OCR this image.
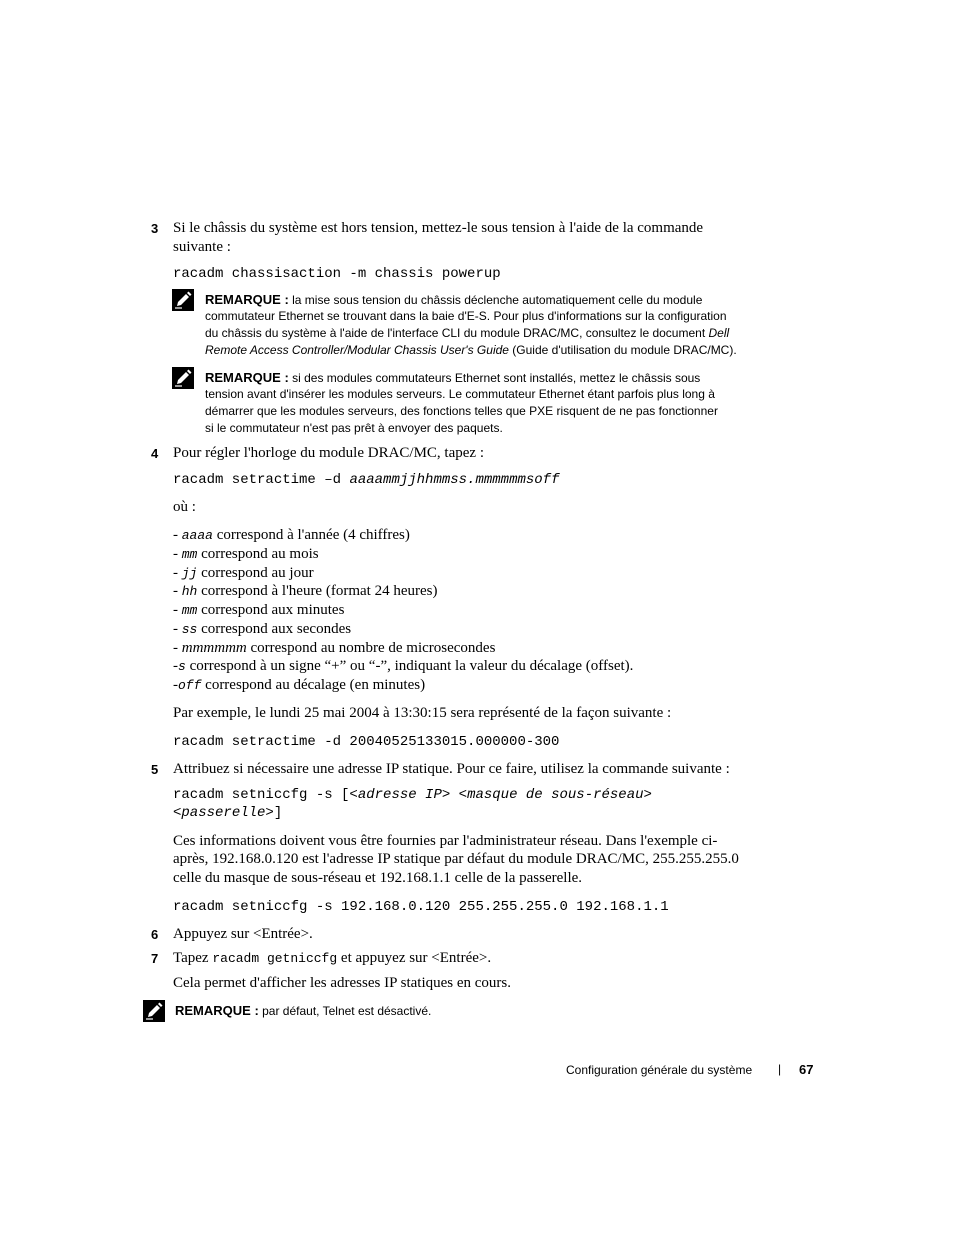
3 Si le châssis du système est hors tension, mettez-le sous tension à l'aide de la commande
suivante :
racadm chassisaction -m chassis powerup
REMARQUE : la mise sous tension du châssis déclenche automatiquement celle du module
commutateur Ethernet se trouvant dans la baie d'E-S. Pour plus d'informations sur la configuration
du châssis du système à l'aide de l'interface CLI du module DRAC/MC, consultez le document Dell
Remote Access Controller/Modular Chassis User's Guide (Guide d'utilisation du module DRAC/MC).
REMARQUE : si des modules commutateurs Ethernet sont installés, mettez le châssis sous
tension avant d'insérer les modules serveurs. Le commutateur Ethernet étant parfois plus long à
démarrer que les modules serveurs, des fonctions telles que PXE risquent de ne pas fonctionner
si le commutateur n'est pas prêt à envoyer des paquets.
4 Pour régler l'horloge du module DRAC/MC, tapez :
racadm setractime –d aaaammjjhhmmss.mmmmmmsoff
où :
- aaaa correspond à l'année (4 chiffres)
- mm correspond au mois
- jj correspond au jour
- hh correspond à l'heure (format 24 heures)
- mm correspond aux minutes
- ss correspond aux secondes
- mmmmmm correspond au nombre de microsecondes
-s correspond à un signe “+” ou “-”, indiquant la valeur du décalage (offset).
-off correspond au décalage (en minutes)
Par exemple, le lundi 25 mai 2004 à 13:30:15 sera représenté de la façon suivante :
racadm setractime -d 20040525133015.000000-300
5 Attribuez si nécessaire une adresse IP statique. Pour ce faire, utilisez la commande suivante :
racadm setniccfg -s [<adresse IP> <masque de sous-réseau>
<passerelle>]
Ces informations doivent vous être fournies par l'administrateur réseau. Dans l'exemple ci-
après, 192.168.0.120 est l'adresse IP statique par défaut du module DRAC/MC, 255.255.255.0
celle du masque de sous-réseau et 192.168.1.1 celle de la passerelle.
racadm setniccfg -s 192.168.0.120 255.255.255.0 192.168.1.1
6 Appuyez sur <Entrée>.
7 Tapez racadm getniccfg et appuyez sur <Entrée>.
Cela permet d'afficher les adresses IP statiques en cours.
REMARQUE : par défaut, Telnet est désactivé.
Configuration générale du système | 67
